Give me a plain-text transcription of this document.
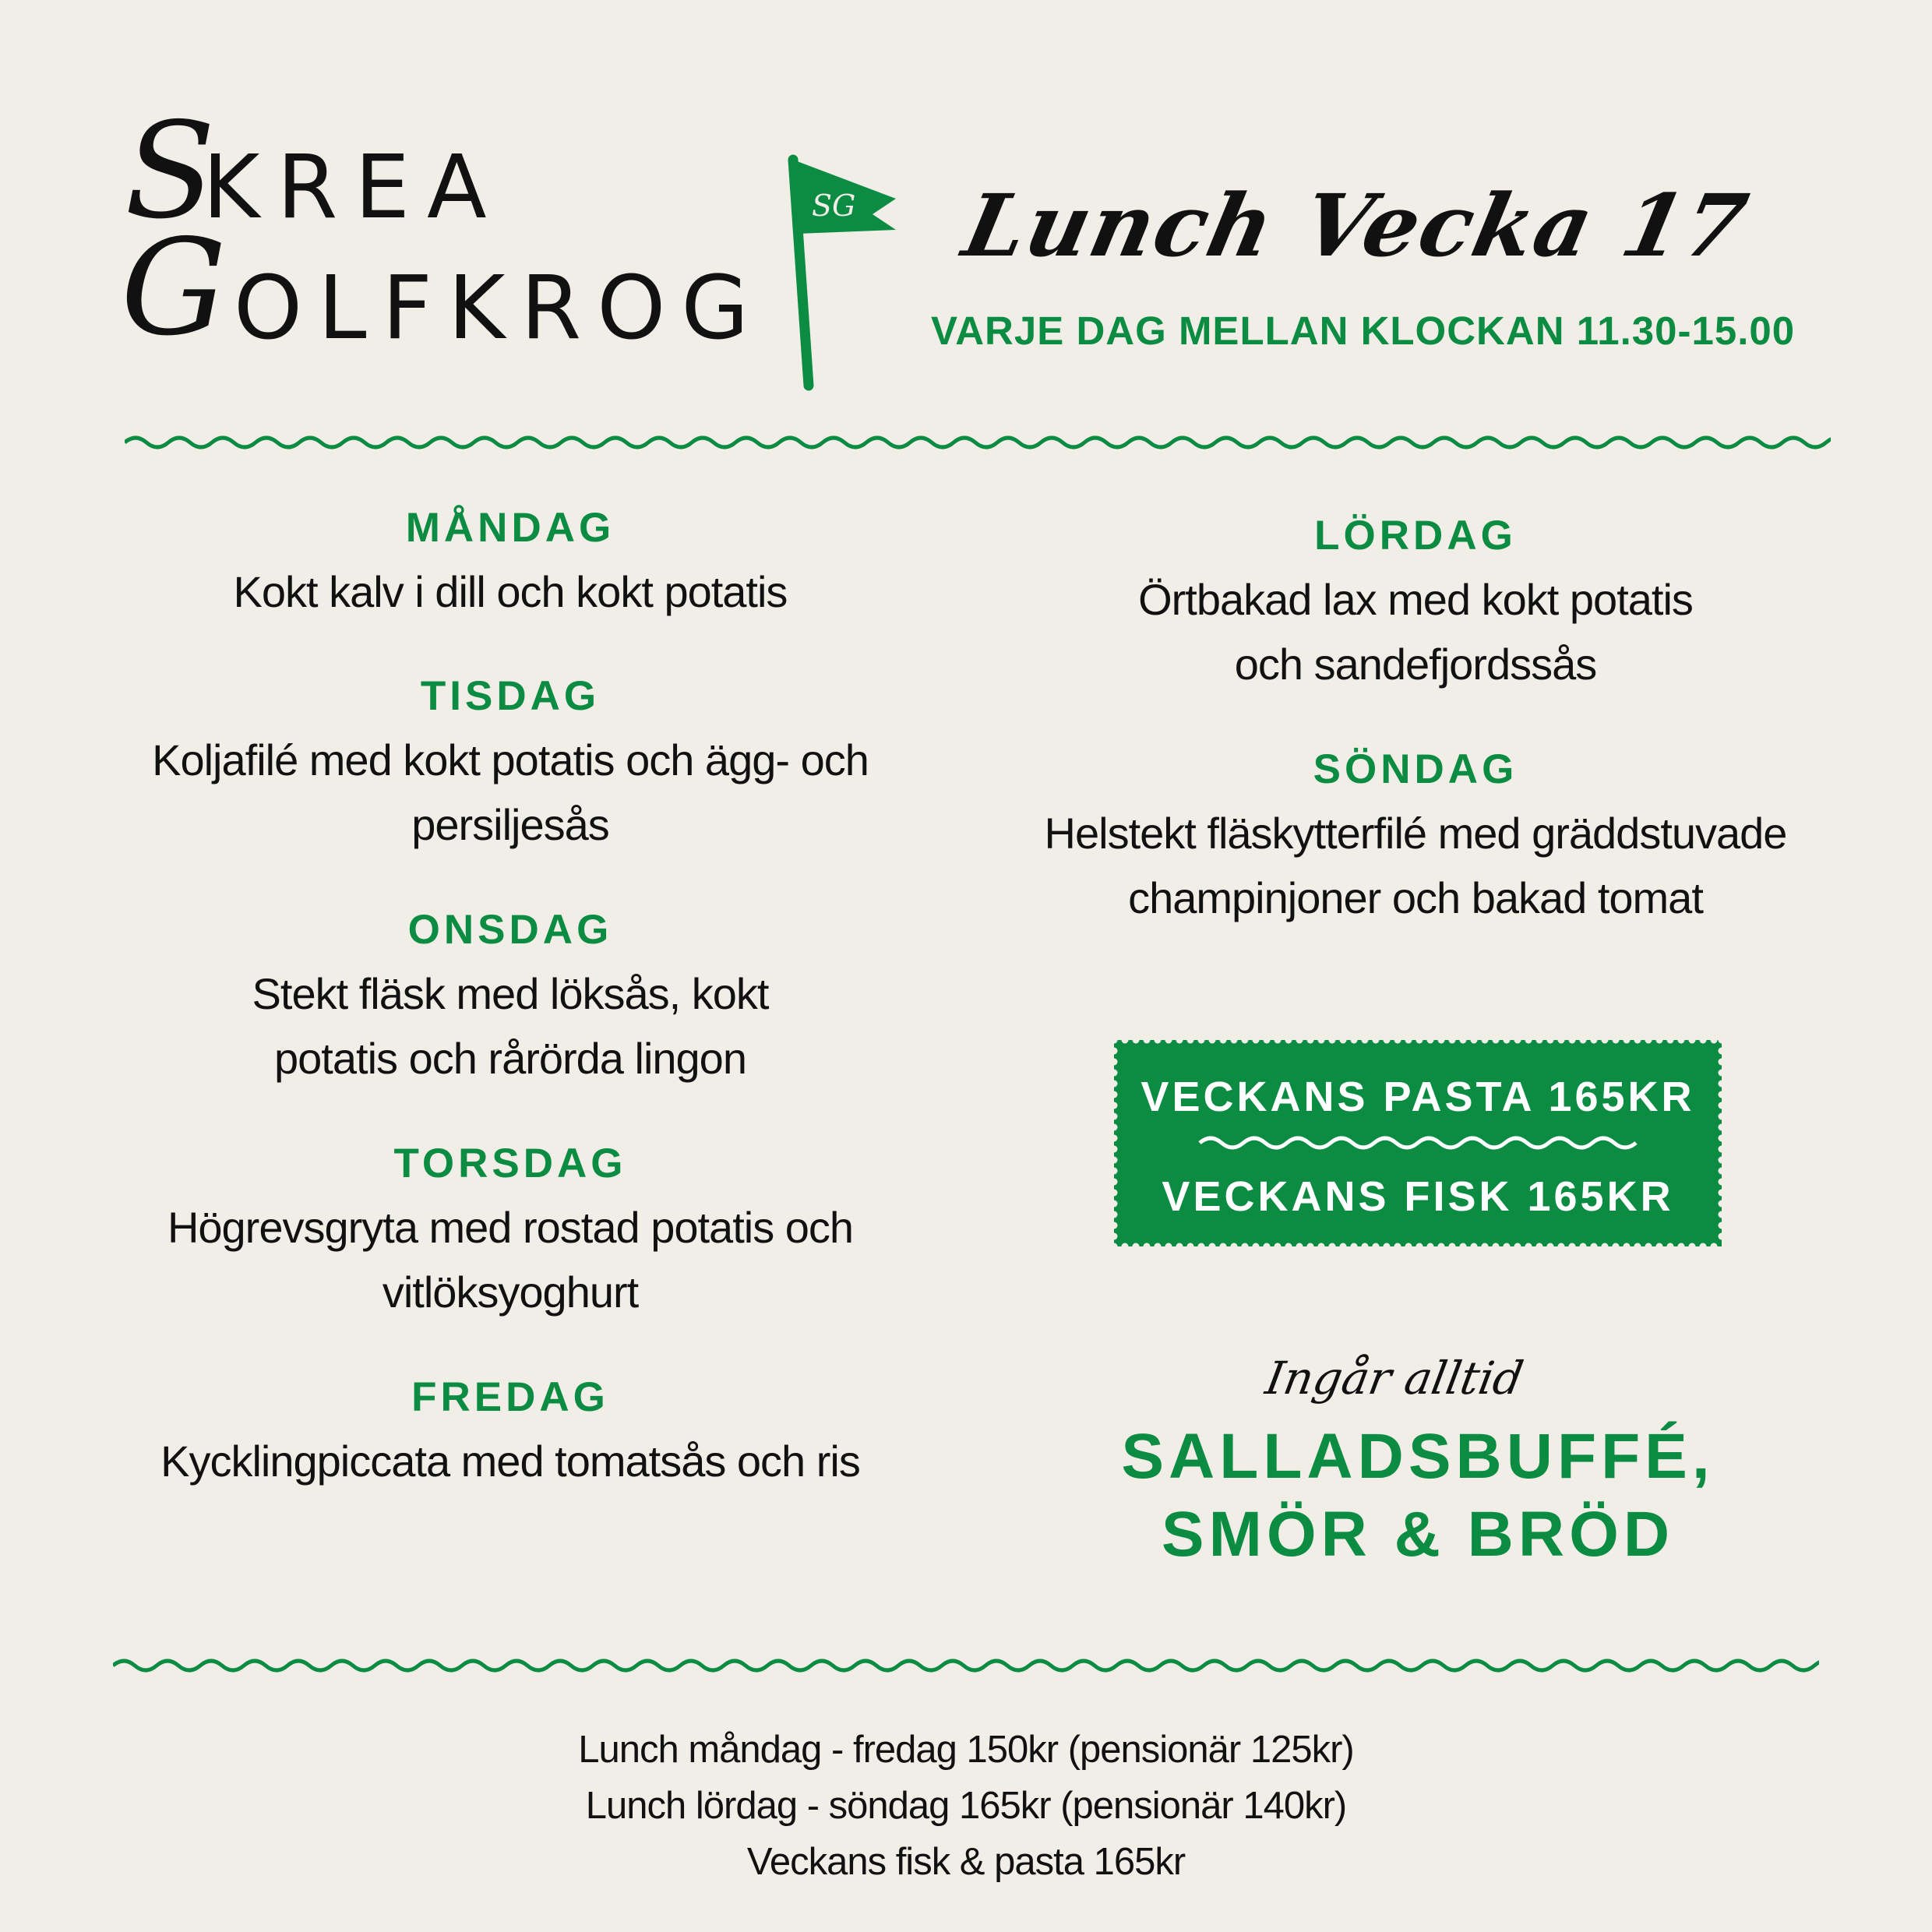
S
KREA
G
OLFKROG
SG Lunch Vecka 17
VARJE DAG MELLAN KLOCKAN 11.30-15.00
MÅNDAG
Kokt kalv i dill och kokt potatis
TISDAG
Koljafilé med kokt potatis och ägg- och
persiljesås
ONSDAG
Stekt fläsk med löksås, kokt
potatis och rårörda lingon
TORSDAG
Högrevsgryta med rostad potatis och
vitlöksyoghurt
FREDAG
Kycklingpiccata med tomatsås och ris
LÖRDAG
Örtbakad lax med kokt potatis
och sandefjordssås
SÖNDAG
Helstekt fläskytterfilé med gräddstuvade
champinjoner och bakad tomat
VECKANS PASTA 165KR
VECKANS FISK 165KR
Ingår alltid
SALLADSBUFFÉ,
SMÖR & BRÖD
Lunch måndag - fredag 150kr (pensionär 125kr)
Lunch lördag - söndag 165kr (pensionär 140kr)
Veckans fisk & pasta 165kr
